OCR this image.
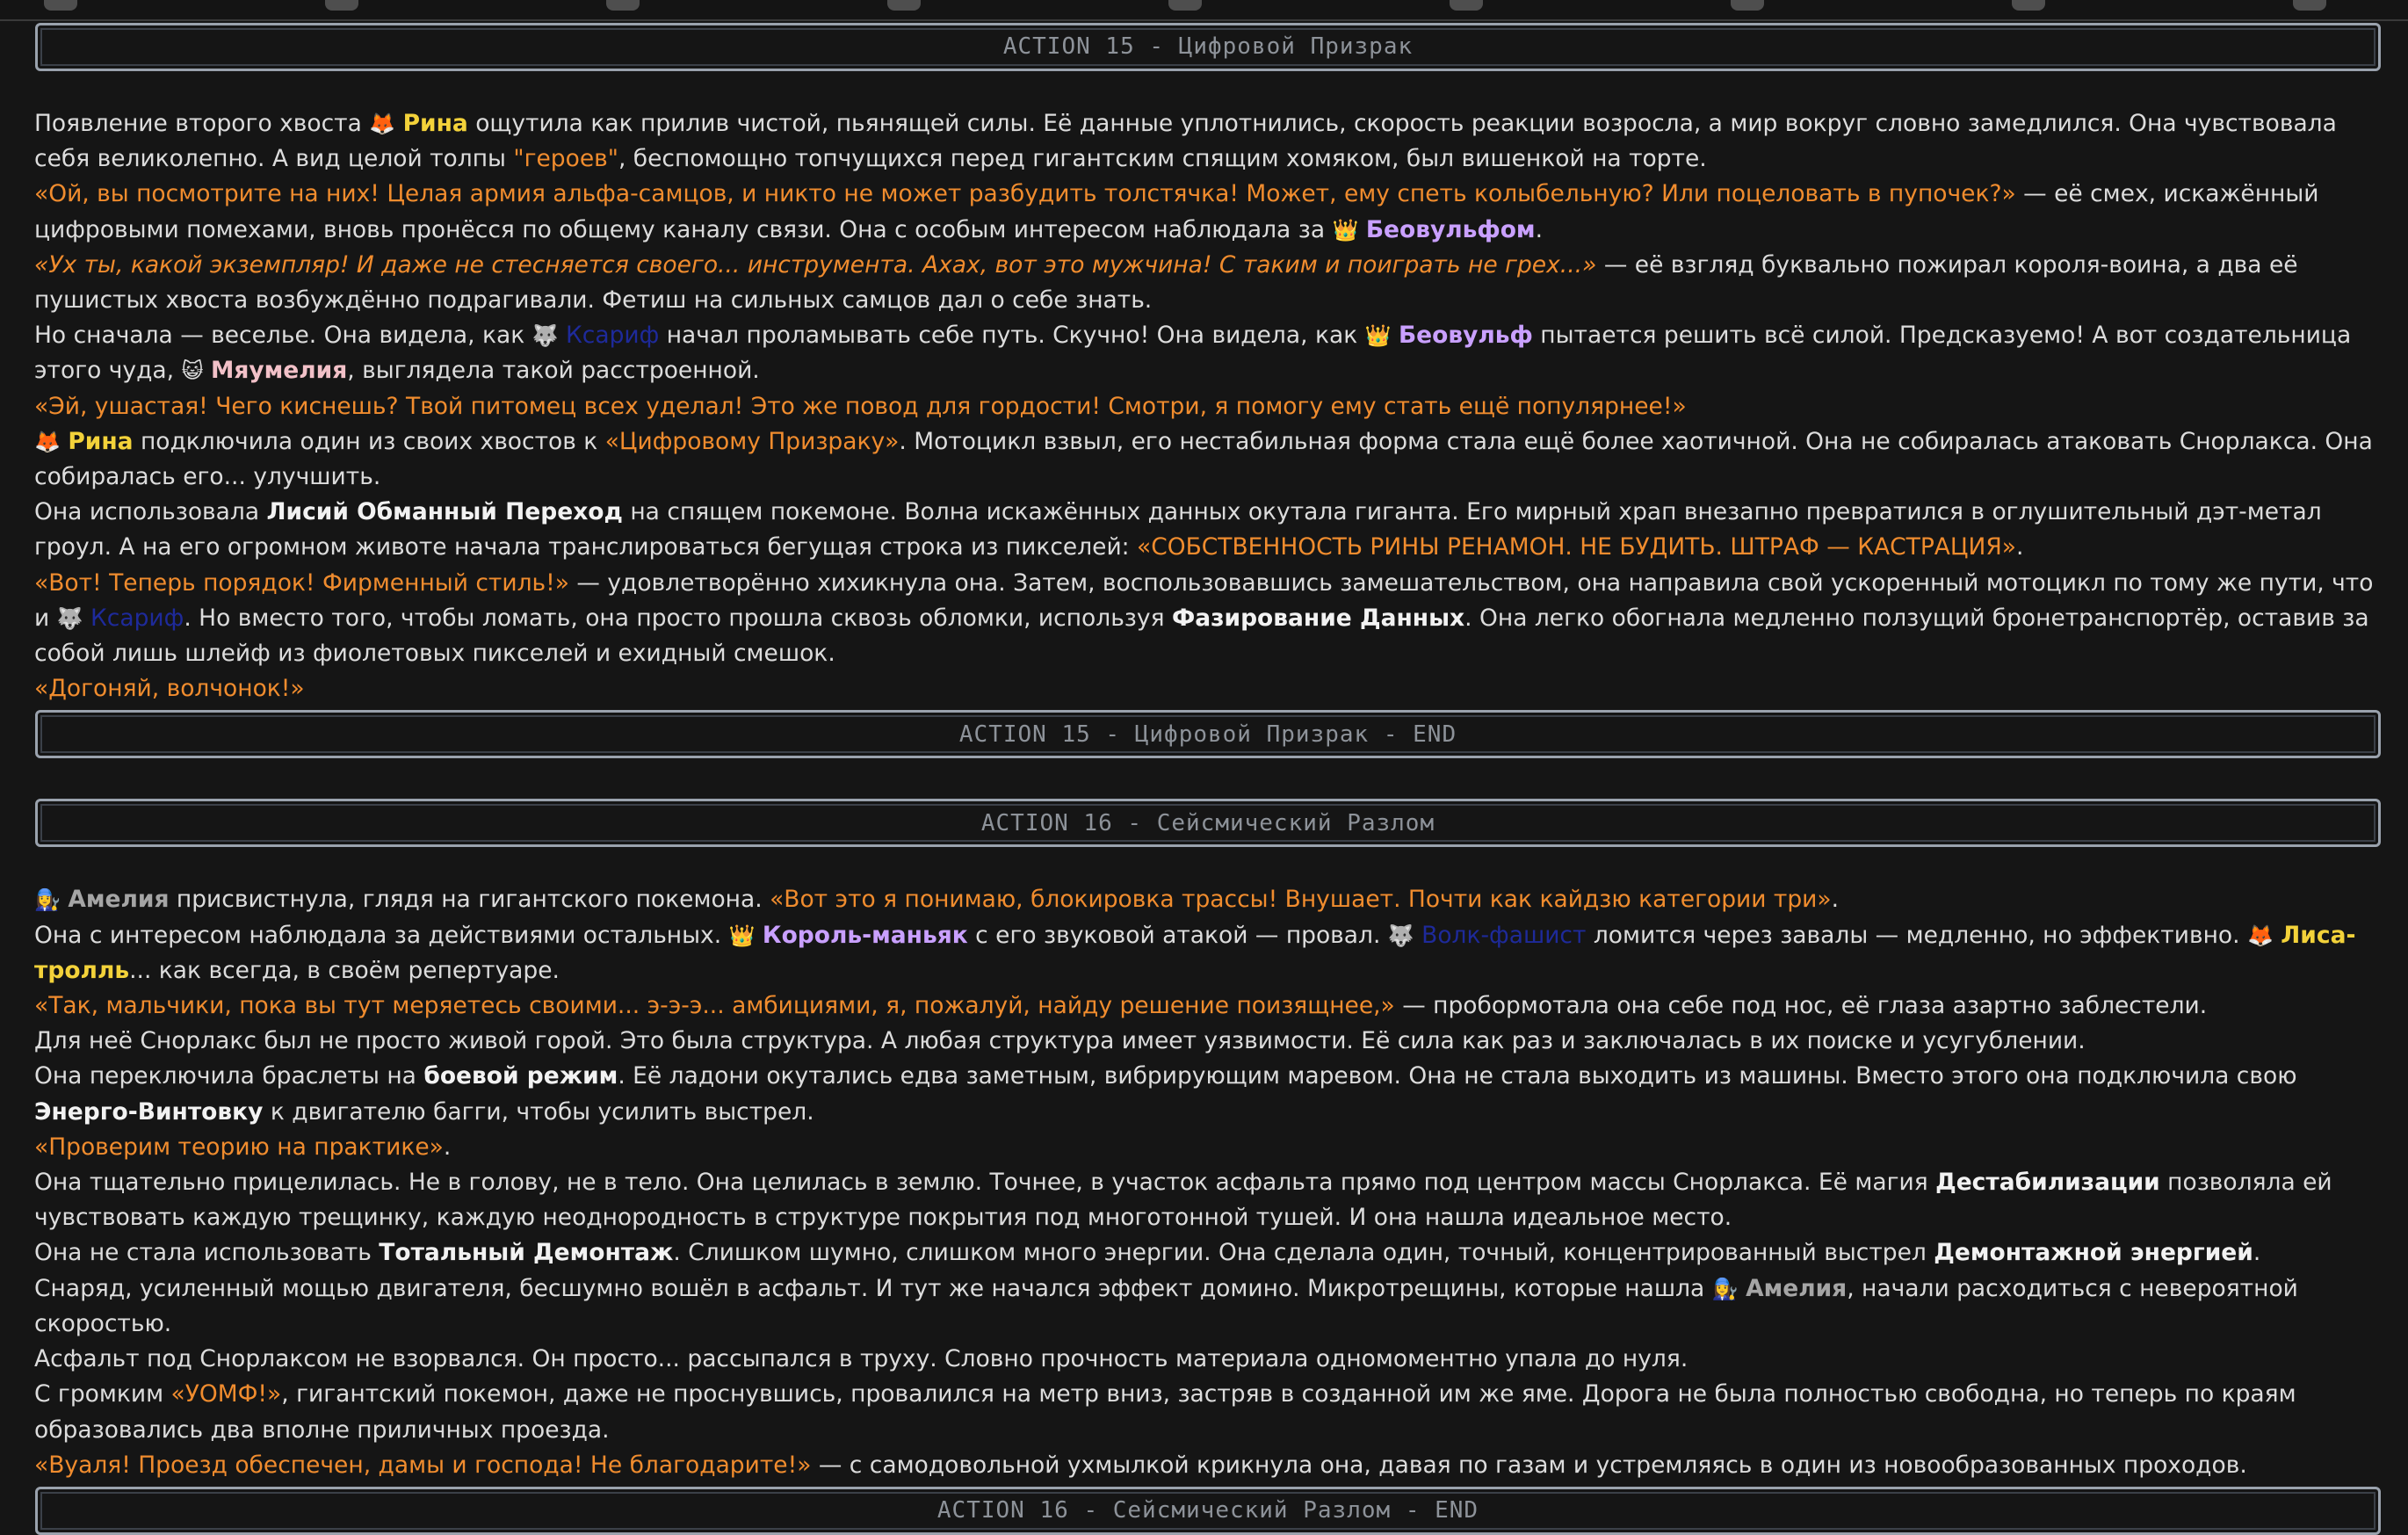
ACTION 15 - Цифровой Призрак

Появление второго хвоста 🦊 Рина ощутила как прилив чистой, пьянящей силы. Её данные уплотнились, скорость реакции возросла, а мир вокруг словно замедлился. Она чувствовала себя великолепно. А вид целой толпы "героев", беспомощно топчущихся перед гигантским спящим хомяком, был вишенкой на торте.

«Ой, вы посмотрите на них! Целая армия альфа-самцов, и никто не может разбудить толстячка! Может, ему спеть колыбельную? Или поцеловать в пупочек?» — её смех, искажённый цифровыми помехами, вновь пронёсся по общему каналу связи. Она с особым интересом наблюдала за 👑 Беовульфом.

«Ух ты, какой экземпляр! И даже не стесняется своего... инструмента. Ахах, вот это мужчина! С таким и поиграть не грех...» — её взгляд буквально пожирал короля-воина, а два её пушистых хвоста возбуждённо подрагивали. Фетиш на сильных самцов дал о себе знать.

Но сначала — веселье. Она видела, как 🐺 Ксариф начал проламывать себе путь. Скучно! Она видела, как 👑 Беовульф пытается решить всё силой. Предсказуемо! А вот создательница этого чуда, 😺 Мяумелия, выглядела такой расстроенной.

«Эй, ушастая! Чего киснешь? Твой питомец всех уделал! Это же повод для гордости! Смотри, я помогу ему стать ещё популярнее!»

🦊 Рина подключила один из своих хвостов к «Цифровому Призраку». Мотоцикл взвыл, его нестабильная форма стала ещё более хаотичной. Она не собиралась атаковать Снорлакса. Она собиралась его... улучшить.

Она использовала Лисий Обманный Переход на спящем покемоне. Волна искажённых данных окутала гиганта. Его мирный храп внезапно превратился в оглушительный дэт-метал гроул. А на его огромном животе начала транслироваться бегущая строка из пикселей: «СОБСТВЕННОСТЬ РИНЫ РЕНАМОН. НЕ БУДИТЬ. ШТРАФ — КАСТРАЦИЯ».

«Вот! Теперь порядок! Фирменный стиль!» — удовлетворённо хихикнула она. Затем, воспользовавшись замешательством, она направила свой ускоренный мотоцикл по тому же пути, что и 🐺 Ксариф. Но вместо того, чтобы ломать, она просто прошла сквозь обломки, используя Фазирование Данных. Она легко обогнала медленно ползущий бронетранспортёр, оставив за собой лишь шлейф из фиолетовых пикселей и ехидный смешок.

«Догоняй, волчонок!»

ACTION 15 - Цифровой Призрак - END
ACTION 16 - Сейсмический Разлом

👩‍🔧 Амелия присвистнула, глядя на гигантского покемона. «Вот это я понимаю, блокировка трассы! Внушает. Почти как кайдзю категории три».

Она с интересом наблюдала за действиями остальных. 👑 Король-маньяк с его звуковой атакой — провал. 🐺 Волк-фашист ломится через завалы — медленно, но эффективно. 🦊 Лиса-тролль... как всегда, в своём репертуаре.

«Так, мальчики, пока вы тут меряетесь своими... э-э-э... амбициями, я, пожалуй, найду решение поизящнее,» — пробормотала она себе под нос, её глаза азартно заблестели.

Для неё Снорлакс был не просто живой горой. Это была структура. А любая структура имеет уязвимости. Её сила как раз и заключалась в их поиске и усугублении.

Она переключила браслеты на боевой режим. Её ладони окутались едва заметным, вибрирующим маревом. Она не стала выходить из машины. Вместо этого она подключила свою Энерго-Винтовку к двигателю багги, чтобы усилить выстрел.

«Проверим теорию на практике».

Она тщательно прицелилась. Не в голову, не в тело. Она целилась в землю. Точнее, в участок асфальта прямо под центром массы Снорлакса. Её магия Дестабилизации позволяла ей чувствовать каждую трещинку, каждую неоднородность в структуре покрытия под многотонной тушей. И она нашла идеальное место.

Она не стала использовать Тотальный Демонтаж. Слишком шумно, слишком много энергии. Она сделала один, точный, концентрированный выстрел Демонтажной энергией.

Снаряд, усиленный мощью двигателя, бесшумно вошёл в асфальт. И тут же начался эффект домино. Микротрещины, которые нашла 👩‍🔧 Амелия, начали расходиться с невероятной скоростью.

Асфальт под Снорлаксом не взорвался. Он просто... рассыпался в труху. Словно прочность материала одномоментно упала до нуля.

С громким «УОМФ!», гигантский покемон, даже не проснувшись, провалился на метр вниз, застряв в созданной им же яме. Дорога не была полностью свободна, но теперь по краям образовались два вполне приличных проезда.

«Вуаля! Проезд обеспечен, дамы и господа! Не благодарите!» — с самодовольной ухмылкой крикнула она, давая по газам и устремляясь в один из новообразованных проходов.

ACTION 16 - Сейсмический Разлом - END
